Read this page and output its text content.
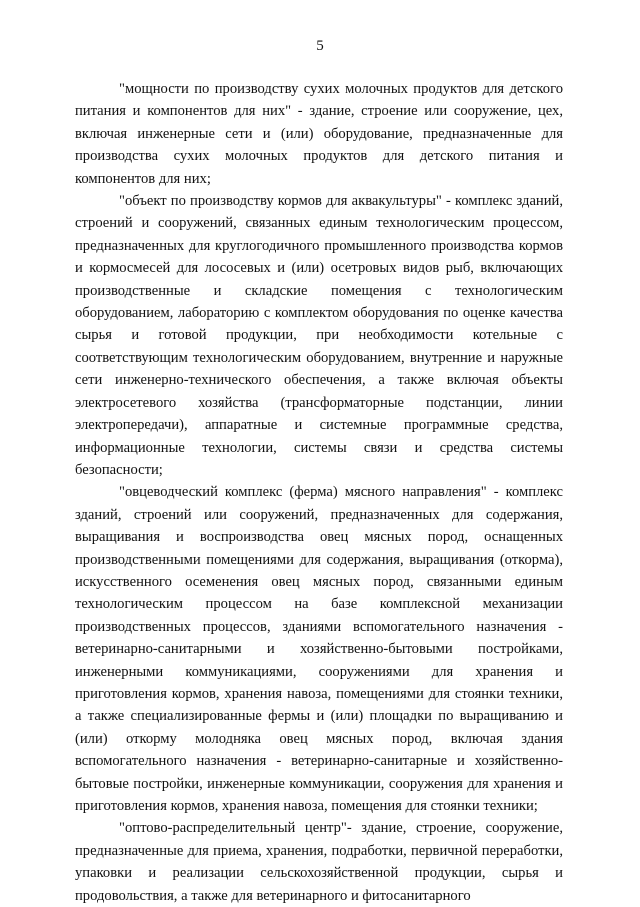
5

"мощности по производству сухих молочных продуктов для детского питания и компонентов для них" - здание, строение или сооружение, цех, включая инженерные сети и (или) оборудование, предназначенные для производства сухих молочных продуктов для детского питания и компонентов для них;

"объект по производству кормов для аквакультуры" - комплекс зданий, строений и сооружений, связанных единым технологическим процессом, предназначенных для круглогодичного промышленного производства кормов и кормосмесей для лососевых и (или) осетровых видов рыб, включающих производственные и складские помещения с технологическим оборудованием, лабораторию с комплектом оборудования по оценке качества сырья и готовой продукции, при необходимости котельные с соответствующим технологическим оборудованием, внутренние и наружные сети инженерно-технического обеспечения, а также включая объекты электросетевого хозяйства (трансформаторные подстанции, линии электропередачи), аппаратные и системные программные средства, информационные технологии, системы связи и средства системы безопасности;

"овцеводческий комплекс (ферма) мясного направления" - комплекс зданий, строений или сооружений, предназначенных для содержания, выращивания и воспроизводства овец мясных пород, оснащенных производственными помещениями для содержания, выращивания (откорма), искусственного осеменения овец мясных пород, связанными единым технологическим процессом на базе комплексной механизации производственных процессов, зданиями вспомогательного назначения - ветеринарно-санитарными и хозяйственно-бытовыми постройками, инженерными коммуникациями, сооружениями для хранения и приготовления кормов, хранения навоза, помещениями для стоянки техники, а также специализированные фермы и (или) площадки по выращиванию и (или) откорму молодняка овец мясных пород, включая здания вспомогательного назначения - ветеринарно-санитарные и хозяйственно-бытовые постройки, инженерные коммуникации, сооружения для хранения и приготовления кормов, хранения навоза, помещения для стоянки техники;

"оптово-распределительный центр"- здание, строение, сооружение, предназначенные для приема, хранения, подработки, первичной переработки, упаковки и реализации сельскохозяйственной продукции, сырья и продовольствия, а также для ветеринарного и фитосанитарного
